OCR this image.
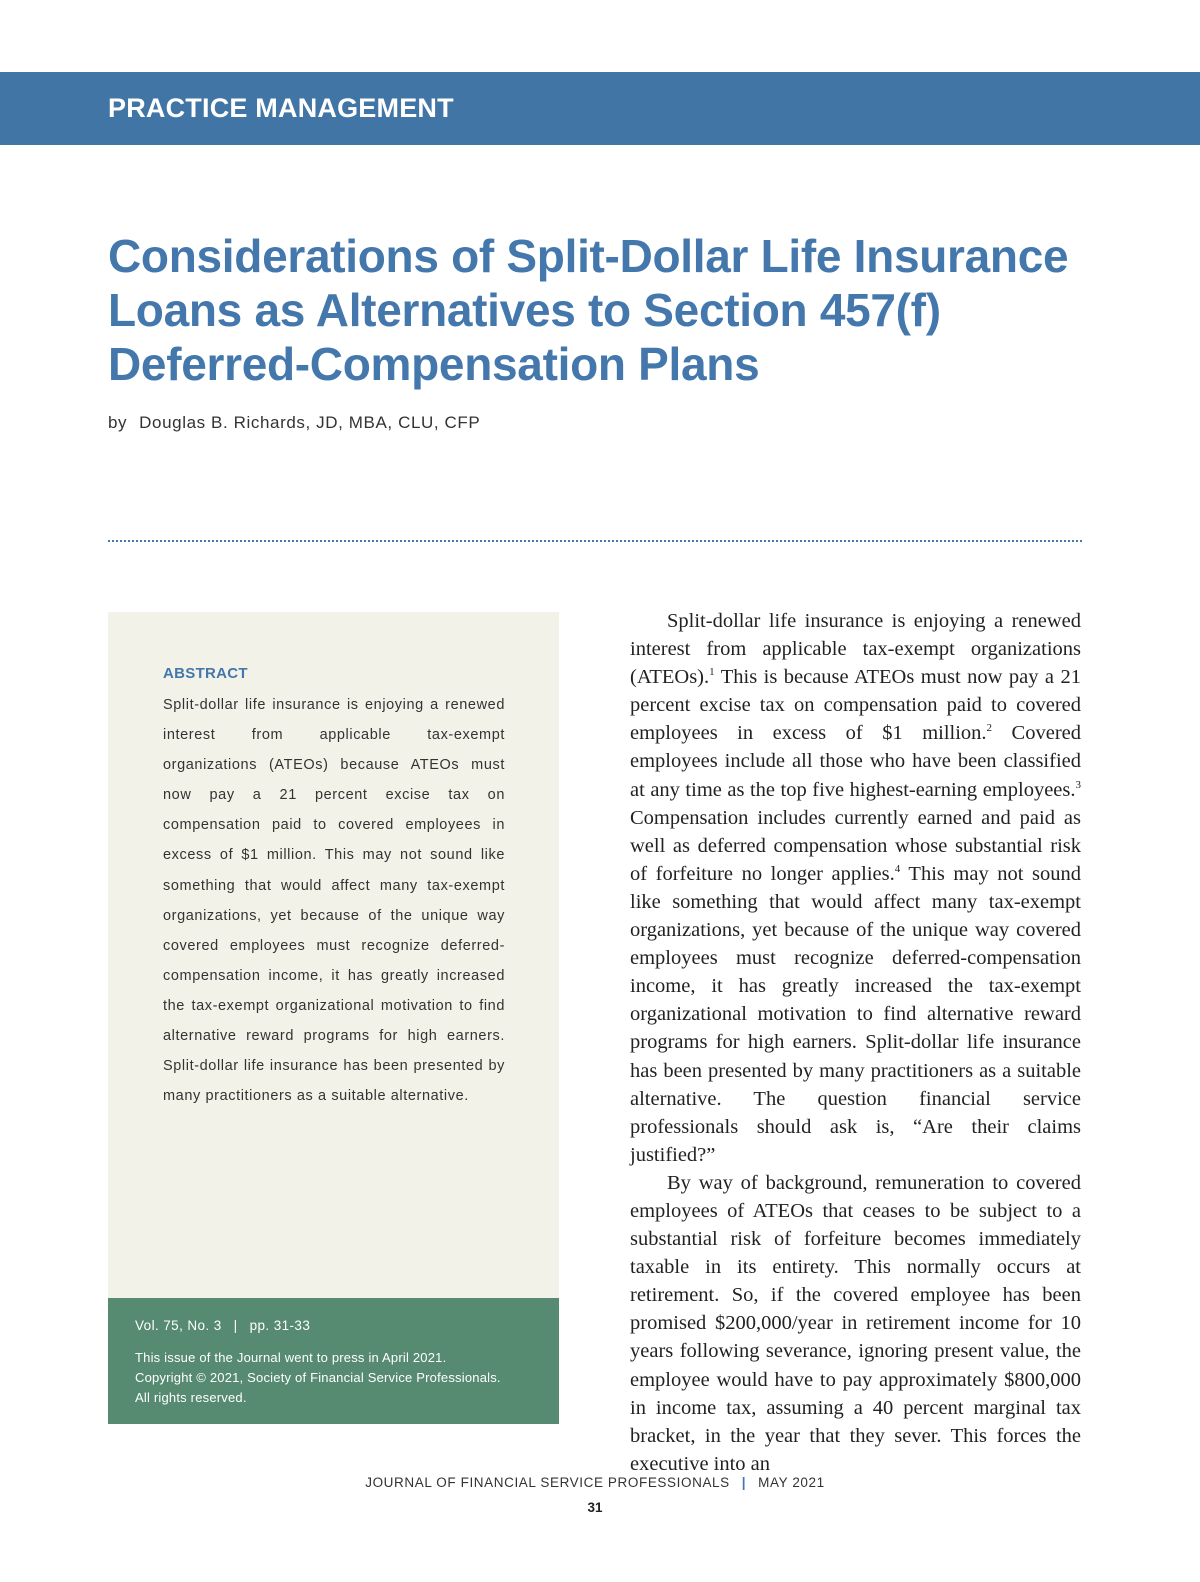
PRACTICE MANAGEMENT
Considerations of Split-Dollar Life Insurance
Loans as Alternatives to Section 457(f)
Deferred-Compensation Plans
by Douglas B. Richards, JD, MBA, CLU, CFP
ABSTRACT

Split-dollar life insurance is enjoying a renewed interest from applicable tax-exempt organizations (ATEOs) because ATEOs must now pay a 21 percent excise tax on compensation paid to covered employees in excess of $1 million. This may not sound like something that would affect many tax-exempt organizations, yet because of the unique way covered employees must recognize deferred-compensation income, it has greatly increased the tax-exempt organizational motivation to find alternative reward programs for high earners. Split-dollar life insurance has been presented by many practitioners as a suitable alternative.

Vol. 75, No. 3 | pp. 31-33

This issue of the Journal went to press in April 2021.
Copyright © 2021, Society of Financial Service Professionals.
All rights reserved.

Split-dollar life insurance is enjoying a renewed interest from applicable tax-exempt organizations (ATEOs).$^1$ This is because ATEOs must now pay a 21 percent excise tax on compensation paid to covered employees in excess of $1 million.$^2$ Covered employees include all those who have been classified at any time as the top five highest-earning employees.$^3$ Compensation includes currently earned and paid as well as deferred compensation whose substantial risk of forfeiture no longer applies.$^4$ This may not sound like something that would affect many tax-exempt organizations, yet because of the unique way covered employees must recognize deferred-compensation income, it has greatly increased the tax-exempt organizational motivation to find alternative reward programs for high earners. Split-dollar life insurance has been presented by many practitioners as a suitable alternative. The question financial service professionals should ask is, “Are their claims justified?”

By way of background, remuneration to covered employees of ATEOs that ceases to be subject to a substantial risk of forfeiture becomes immediately taxable in its entirety. This normally occurs at retirement. So, if the covered employee has been promised $200,000/year in retirement income for 10 years following severance, ignoring present value, the employee would have to pay approximately $800,000 in income tax, assuming a 40 percent marginal tax bracket, in the year that they sever. This forces the executive into an

JOURNAL OF FINANCIAL SERVICE PROFESSIONALS | MAY 2021
31
